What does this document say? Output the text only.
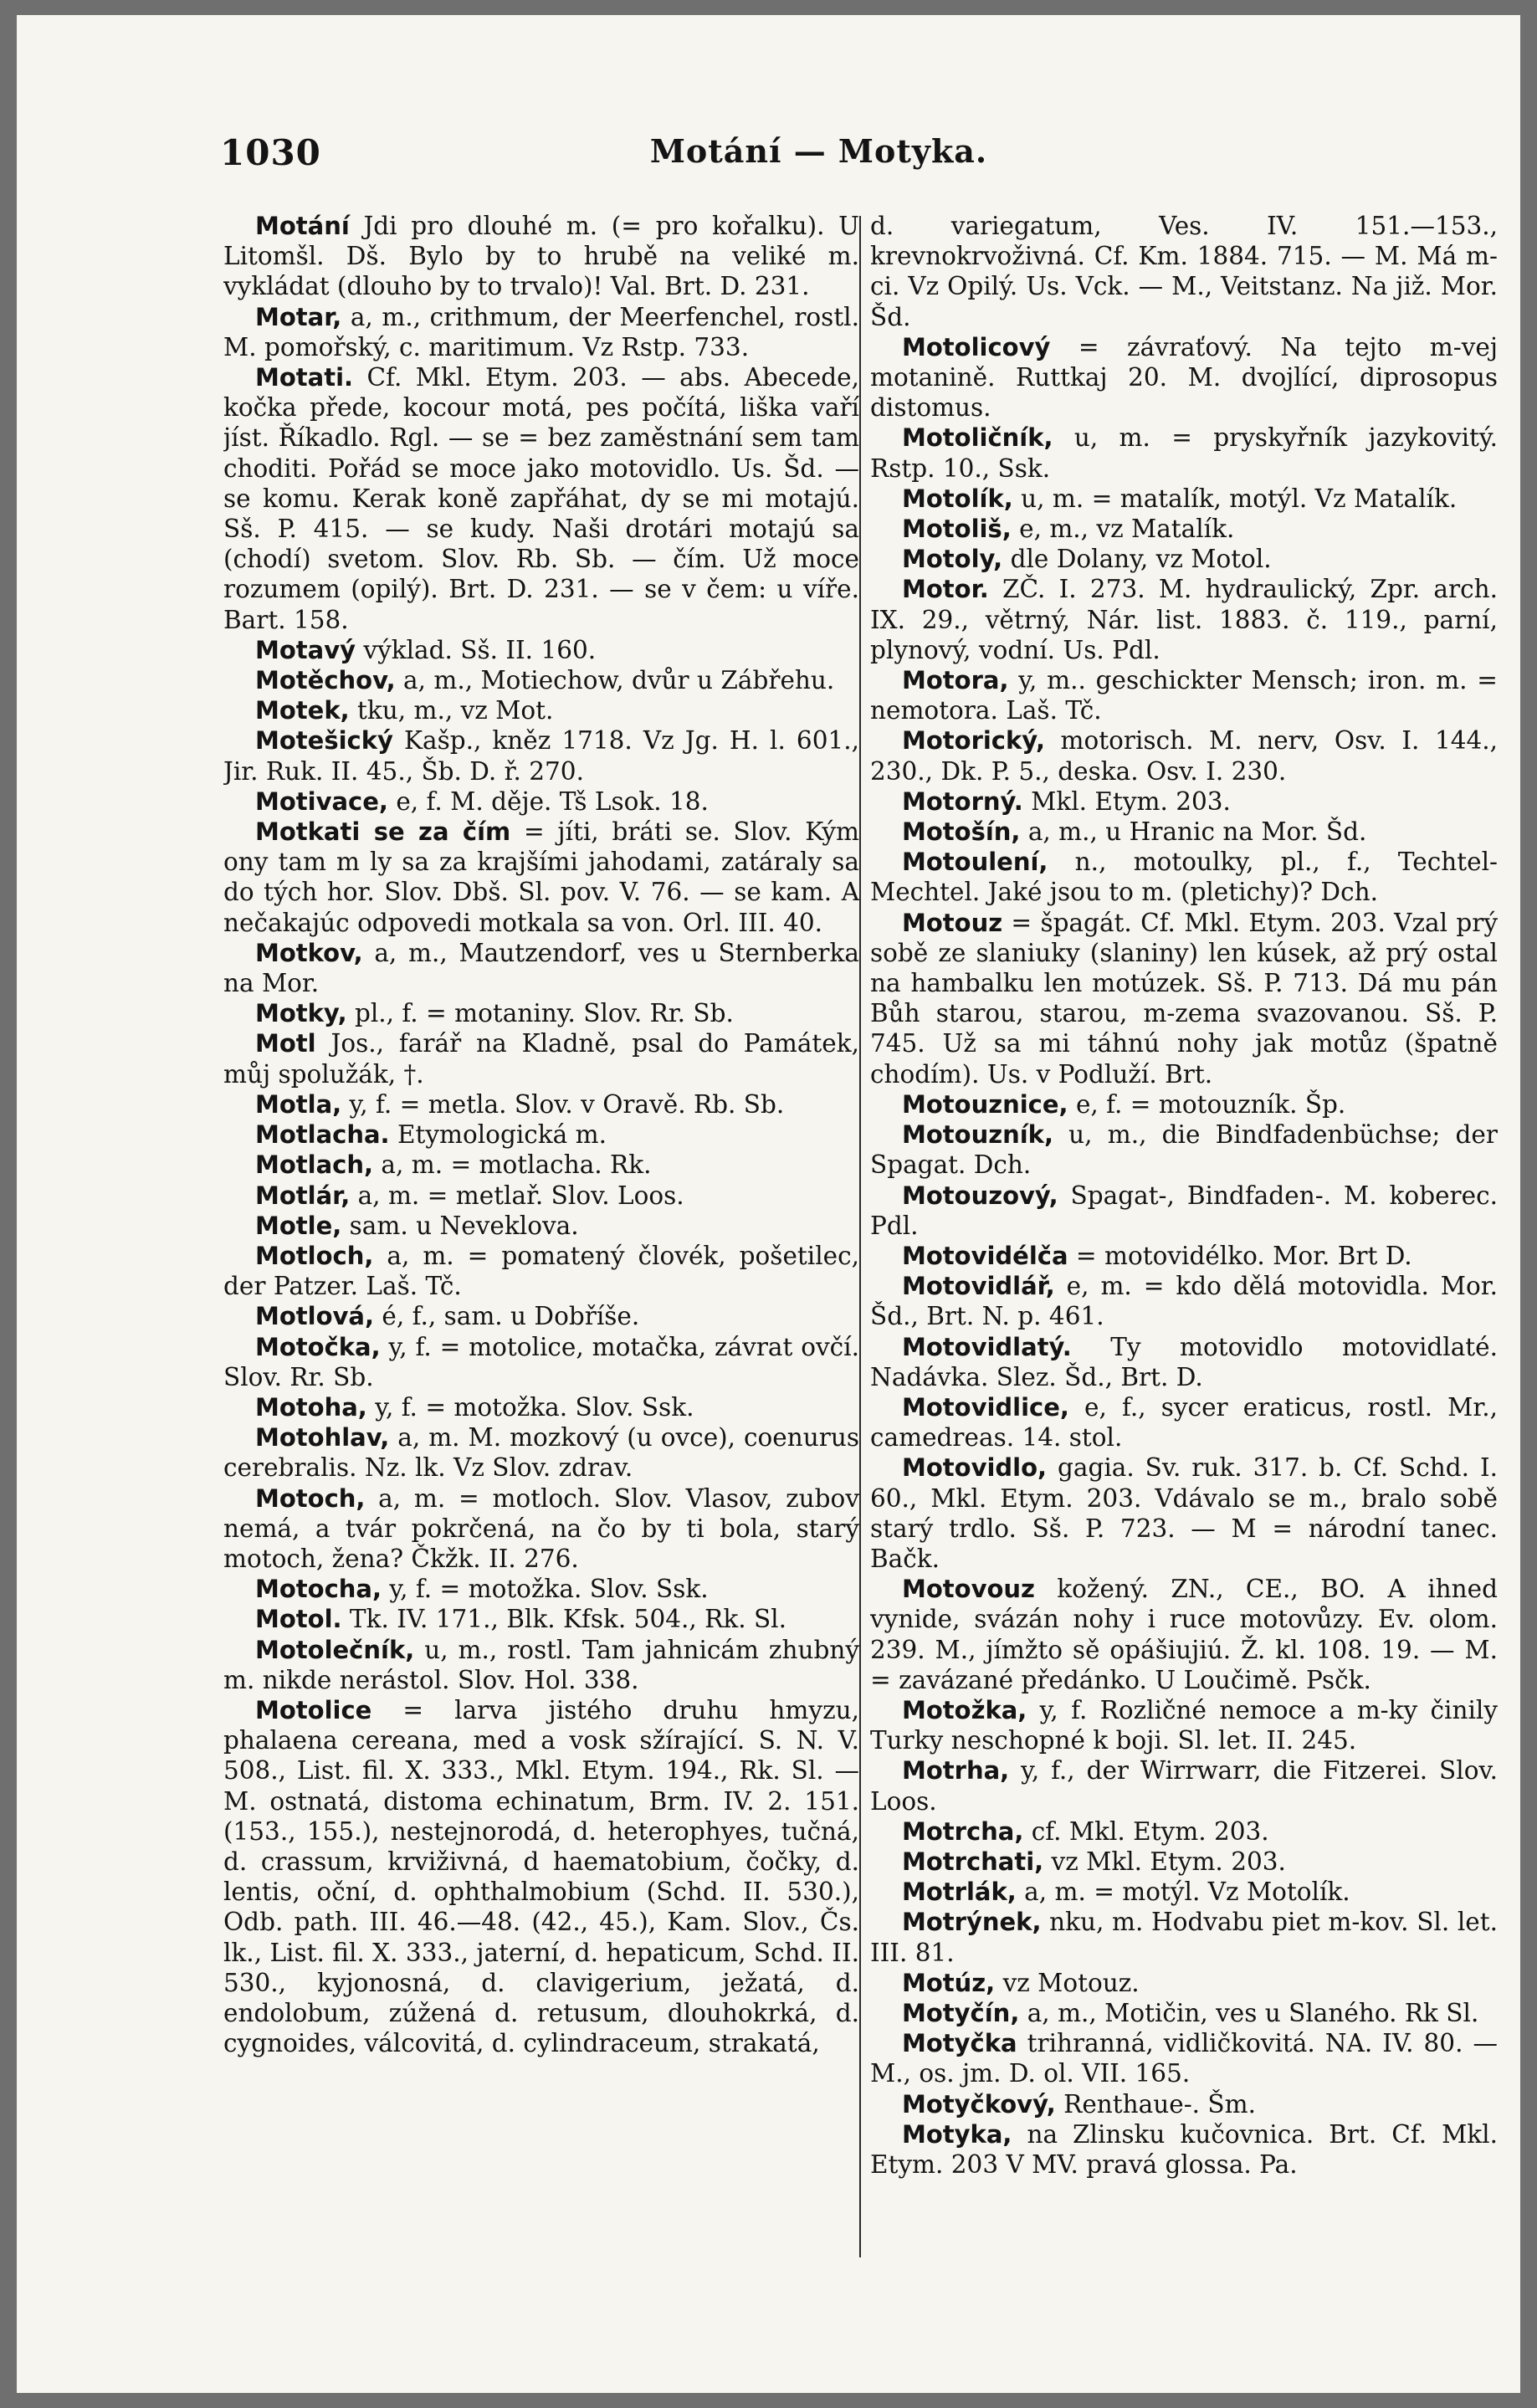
1030	Motání — Motyka.

Motání Jdi pro dlouhé m. (= pro kořalku). U Litomšl. Dš. Bylo by to hrubě na veliké m. vykládat (dlouho by to trvalo)! Val. Brt. D. 231.

Motar, a, m., crithmum, der Meerfenchel, rostl. M. pomořský, c. maritimum. Vz Rstp. 733.

Motati. Cf. Mkl. Etym. 203. — abs. Abecede, kočka přede, kocour motá, pes počítá, liška vaří jíst. Říkadlo. Rgl. — se = bez zaměstnání sem tam choditi. Pořád se moce jako motovidlo. Us. Šd. — se komu. Kerak koně zapřáhat, dy se mi motajú. Sš. P. 415. — se kudy. Naši drotári motajú sa (chodí) svetom. Slov. Rb. Sb. — čím. Už moce rozumem (opilý). Brt. D. 231. — se v čem: u víře. Bart. 158.

Motavý výklad. Sš. II. 160.

Motěchov, a, m., Motiechow, dvůr u Zábřehu.

Motek, tku, m., vz Mot.

Motešický Kašp., kněz 1718. Vz Jg. H. l. 601., Jir. Ruk. II. 45., Šb. D. ř. 270.

Motivace, e, f. M. děje. Tš Lsok. 18.

Motkati se za čím = jíti, bráti se. Slov. Kým ony tam m ly sa za krajšími jahodami, zatáraly sa do tých hor. Slov. Dbš. Sl. pov. V. 76. — se kam. A nečakajúc odpovedi motkala sa von. Orl. III. 40.

Motkov, a, m., Mautzendorf, ves u Sternberka na Mor.

Motky, pl., f. = motaniny. Slov. Rr. Sb.

Motl Jos., farář na Kladně, psal do Památek, můj spolužák, †.

Motla, y, f. = metla. Slov. v Oravě. Rb. Sb.

Motlacha. Etymologická m.

Motlach, a, m. = motlacha. Rk.

Motlár, a, m. = metlař. Slov. Loos.

Motle, sam. u Neveklova.

Motloch, a, m. = pomatený človék, pošetilec, der Patzer. Laš. Tč.

Motlová, é, f., sam. u Dobříše.

Motočka, y, f. = motolice, motačka, závrat ovčí. Slov. Rr. Sb.

Motoha, y, f. = motožka. Slov. Ssk.

Motohlav, a, m. M. mozkový (u ovce), coenurus cerebralis. Nz. lk. Vz Slov. zdrav.

Motoch, a, m. = motloch. Slov. Vlasov, zubov nemá, a tvár pokrčená, na čo by ti bola, starý motoch, žena? Čkžk. II. 276.

Motocha, y, f. = motožka. Slov. Ssk.

Motol. Tk. IV. 171., Blk. Kfsk. 504., Rk. Sl.

Motolečník, u, m., rostl. Tam jahnicám zhubný m. nikde nerástol. Slov. Hol. 338.

Motolice = larva jistého druhu hmyzu, phalaena cereana, med a vosk sžírající. S. N. V. 508., List. fil. X. 333., Mkl. Etym. 194., Rk. Sl. — M. ostnatá, distoma echinatum, Brm. IV. 2. 151. (153., 155.), nestejnorodá, d. heterophyes, tučná, d. crassum, krviživná, d haematobium, čočky, d. lentis, oční, d. ophthalmobium (Schd. II. 530.), Odb. path. III. 46.—48. (42., 45.), Kam. Slov., Čs. lk., List. fil. X. 333., jaterní, d. hepaticum, Schd. II. 530., kyjonosná, d. clavigerium, ježatá, d. endolobum, zúžená d. retusum, dlouhokrká, d. cygnoides, válcovitá, d. cylindraceum, strakatá,

d. variegatum, Ves. IV. 151.—153., krevnokrvoživná. Cf. Km. 1884. 715. — M. Má m-ci. Vz Opilý. Us. Vck. — M., Veitstanz. Na již. Mor. Šd.

Motolicový = závraťový. Na tejto m-vej motanině. Ruttkaj 20. M. dvojlící, diprosopus distomus.

Motoličník, u, m. = pryskyřník jazykovitý. Rstp. 10., Ssk.

Motolík, u, m. = matalík, motýl. Vz Matalík.

Motoliš, e, m., vz Matalík.

Motoly, dle Dolany, vz Motol.

Motor. ZČ. I. 273. M. hydraulický, Zpr. arch. IX. 29., větrný, Nár. list. 1883. č. 119., parní, plynový, vodní. Us. Pdl.

Motora, y, m.. geschickter Mensch; iron. m. = nemotora. Laš. Tč.

Motorický, motorisch. M. nerv, Osv. I. 144., 230., Dk. P. 5., deska. Osv. I. 230.

Motorný. Mkl. Etym. 203.

Motošín, a, m., u Hranic na Mor. Šd.

Motoulení, n., motoulky, pl., f., Techtel-Mechtel. Jaké jsou to m. (pletichy)? Dch.

Motouz = špagát. Cf. Mkl. Etym. 203. Vzal prý sobě ze slaniuky (slaniny) len kúsek, až prý ostal na hambalku len motúzek. Sš. P. 713. Dá mu pán Bůh starou, starou, m-zema svazovanou. Sš. P. 745. Už sa mi táhnú nohy jak motůz (špatně chodím). Us. v Podluží. Brt.

Motouznice, e, f. = motouzník. Šp.

Motouzník, u, m., die Bindfadenbüchse; der Spagat. Dch.

Motouzový, Spagat-, Bindfaden-. M. koberec. Pdl.

Motovidélča = motovidélko. Mor. Brt D.

Motovidlář, e, m. = kdo dělá motovidla. Mor. Šd., Brt. N. p. 461.

Motovidlatý. Ty motovidlo motovidlaté. Nadávka. Slez. Šd., Brt. D.

Motovidlice, e, f., sycer eraticus, rostl. Mr., camedreas. 14. stol.

Motovidlo, gagia. Sv. ruk. 317. b. Cf. Schd. I. 60., Mkl. Etym. 203. Vdávalo se m., bralo sobě starý trdlo. Sš. P. 723. — M = národní tanec. Bačk.

Motovouz kožený. ZN., CE., BO. A ihned vynide, svázán nohy i ruce motovůzy. Ev. olom. 239. M., jímžto sě opášiujiú. Ž. kl. 108. 19. — M. = zavázané předánko. U Loučimě. Psčk.

Motožka, y, f. Rozličné nemoce a m-ky činily Turky neschopné k boji. Sl. let. II. 245.

Motrha, y, f., der Wirrwarr, die Fitzerei. Slov. Loos.

Motrcha, cf. Mkl. Etym. 203.

Motrchati, vz Mkl. Etym. 203.

Motrlák, a, m. = motýl. Vz Motolík.

Motrýnek, nku, m. Hodvabu piet m-kov. Sl. let. III. 81.

Motúz, vz Motouz.

Motyčín, a, m., Motičin, ves u Slaného. Rk Sl.

Motyčka trihranná, vidličkovitá. NA. IV. 80. — M., os. jm. D. ol. VII. 165.

Motyčkový, Renthaue-. Šm.

Motyka, na Zlinsku kučovnica. Brt. Cf. Mkl. Etym. 203 V MV. pravá glossa. Pa.
